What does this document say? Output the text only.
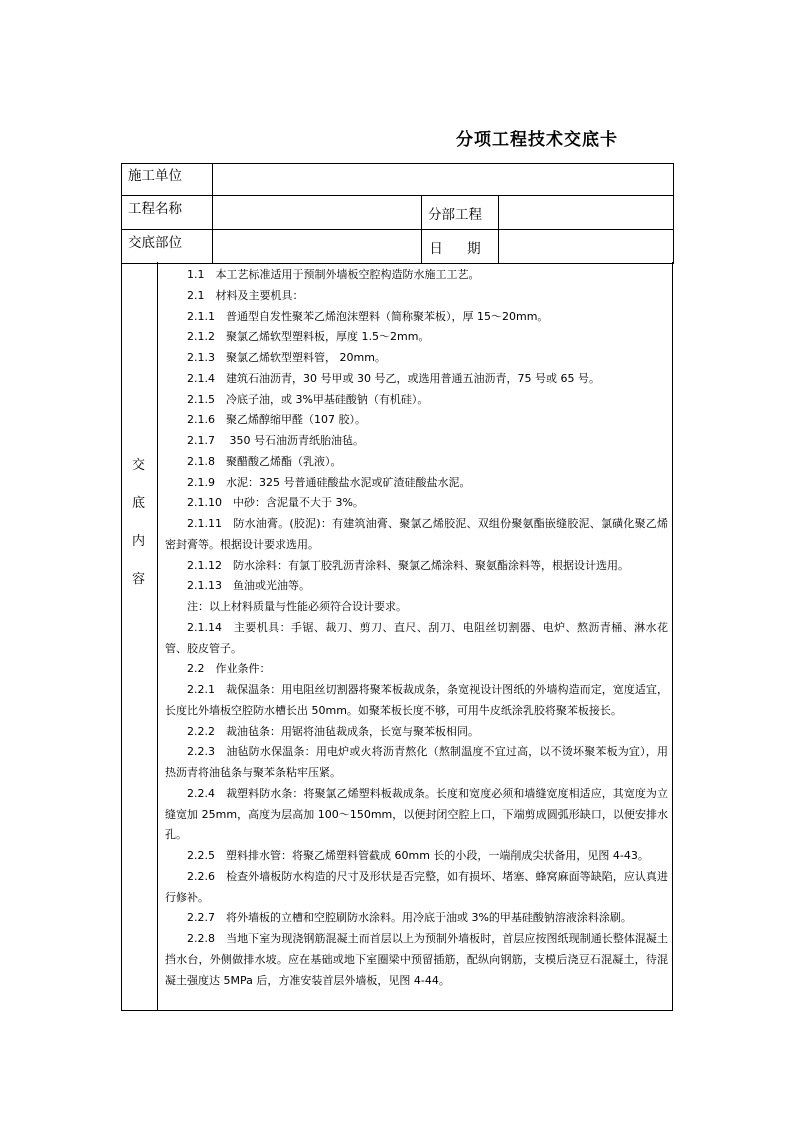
分项工程技术交底卡
施工单位			
工程名称		分部工程	
交底部位		日 期	
交
底
内
容

1.1　本工艺标准适用于预制外墙板空腔构造防水施工工艺。

2.1　材料及主要机具：

2.1.1　普通型自发性聚苯乙烯泡沫塑料（简称聚苯板），厚 15～20mm。

2.1.2　聚氯乙烯软型塑料板，厚度 1.5～2mm。

2.1.3　聚氯乙烯软型塑料管， 20mm。

2.1.4　建筑石油沥青，30 号甲或 30 号乙，或选用普通五油沥青，75 号或 65 号。

2.1.5　冷底子油，或 3%甲基硅酸钠（有机硅）。

2.1.6　聚乙烯醇缩甲醛（107 胶）。

2.1.7　 350 号石油沥青纸胎油毡。

2.1.8　聚醋酸乙烯酯（乳液）。

2.1.9　水泥：325 号普通硅酸盐水泥或矿渣硅酸盐水泥。

2.1.10　中砂：含泥量不大于 3%。

2.1.11　防水油膏。(胶泥)：有建筑油膏、聚氯乙烯胶泥、双组份聚氨酯嵌缝胶泥、氯磺化聚乙烯密封膏等。根据设计要求选用。

2.1.12　防水涂料：有氯丁胶乳沥青涂料、聚氯乙烯涂料、聚氨酯涂料等，根据设计选用。

2.1.13　鱼油或光油等。

注：以上材料质量与性能必须符合设计要求。

2.1.14　主要机具：手锯、裁刀、剪刀、直尺、刮刀、电阻丝切割器、电炉、熬沥青桶、淋水花管、胶皮管子。

2.2　作业条件：

2.2.1　裁保温条：用电阻丝切割器将聚苯板裁成条，条宽视设计图纸的外墙构造而定，宽度适宜，长度比外墙板空腔防水槽长出 50mm。如聚苯板长度不够，可用牛皮纸涂乳胶将聚苯板接长。

2.2.2　裁油毡条：用锯将油毡裁成条，长宽与聚苯板相同。

2.2.3　油毡防水保温条：用电炉或火将沥青熬化（熬制温度不宜过高，以不烫坏聚苯板为宜），用热沥青将油毡条与聚苯条粘牢压紧。

2.2.4　裁塑料防水条：将聚氯乙烯塑料板裁成条。长度和宽度必须和墙缝宽度相适应，其宽度为立缝宽加 25mm，高度为层高加 100～150mm，以便封闭空腔上口，下端剪成圆弧形缺口，以便安排水孔。

2.2.5　塑料排水管：将聚乙烯塑料管截成 60mm 长的小段，一端削成尖状备用，见图 4-43。

2.2.6　检查外墙板防水构造的尺寸及形状是否完整，如有损坏、堵塞、蜂窝麻面等缺陷，应认真进行修补。

2.2.7　将外墙板的立槽和空腔刷防水涂料。用冷底于油或 3%的甲基硅酸钠溶液涂料涂刷。

2.2.8　当地下室为现浇钢筋混凝土而首层以上为预制外墙板时，首层应按图纸现制通长整体混凝土挡水台，外侧做排水坡。应在基础或地下室圈梁中预留插筋，配纵向钢筋，支模后浇豆石混凝土，待混凝土强度达 5MPa 后，方准安装首层外墙板，见图 4-44。
